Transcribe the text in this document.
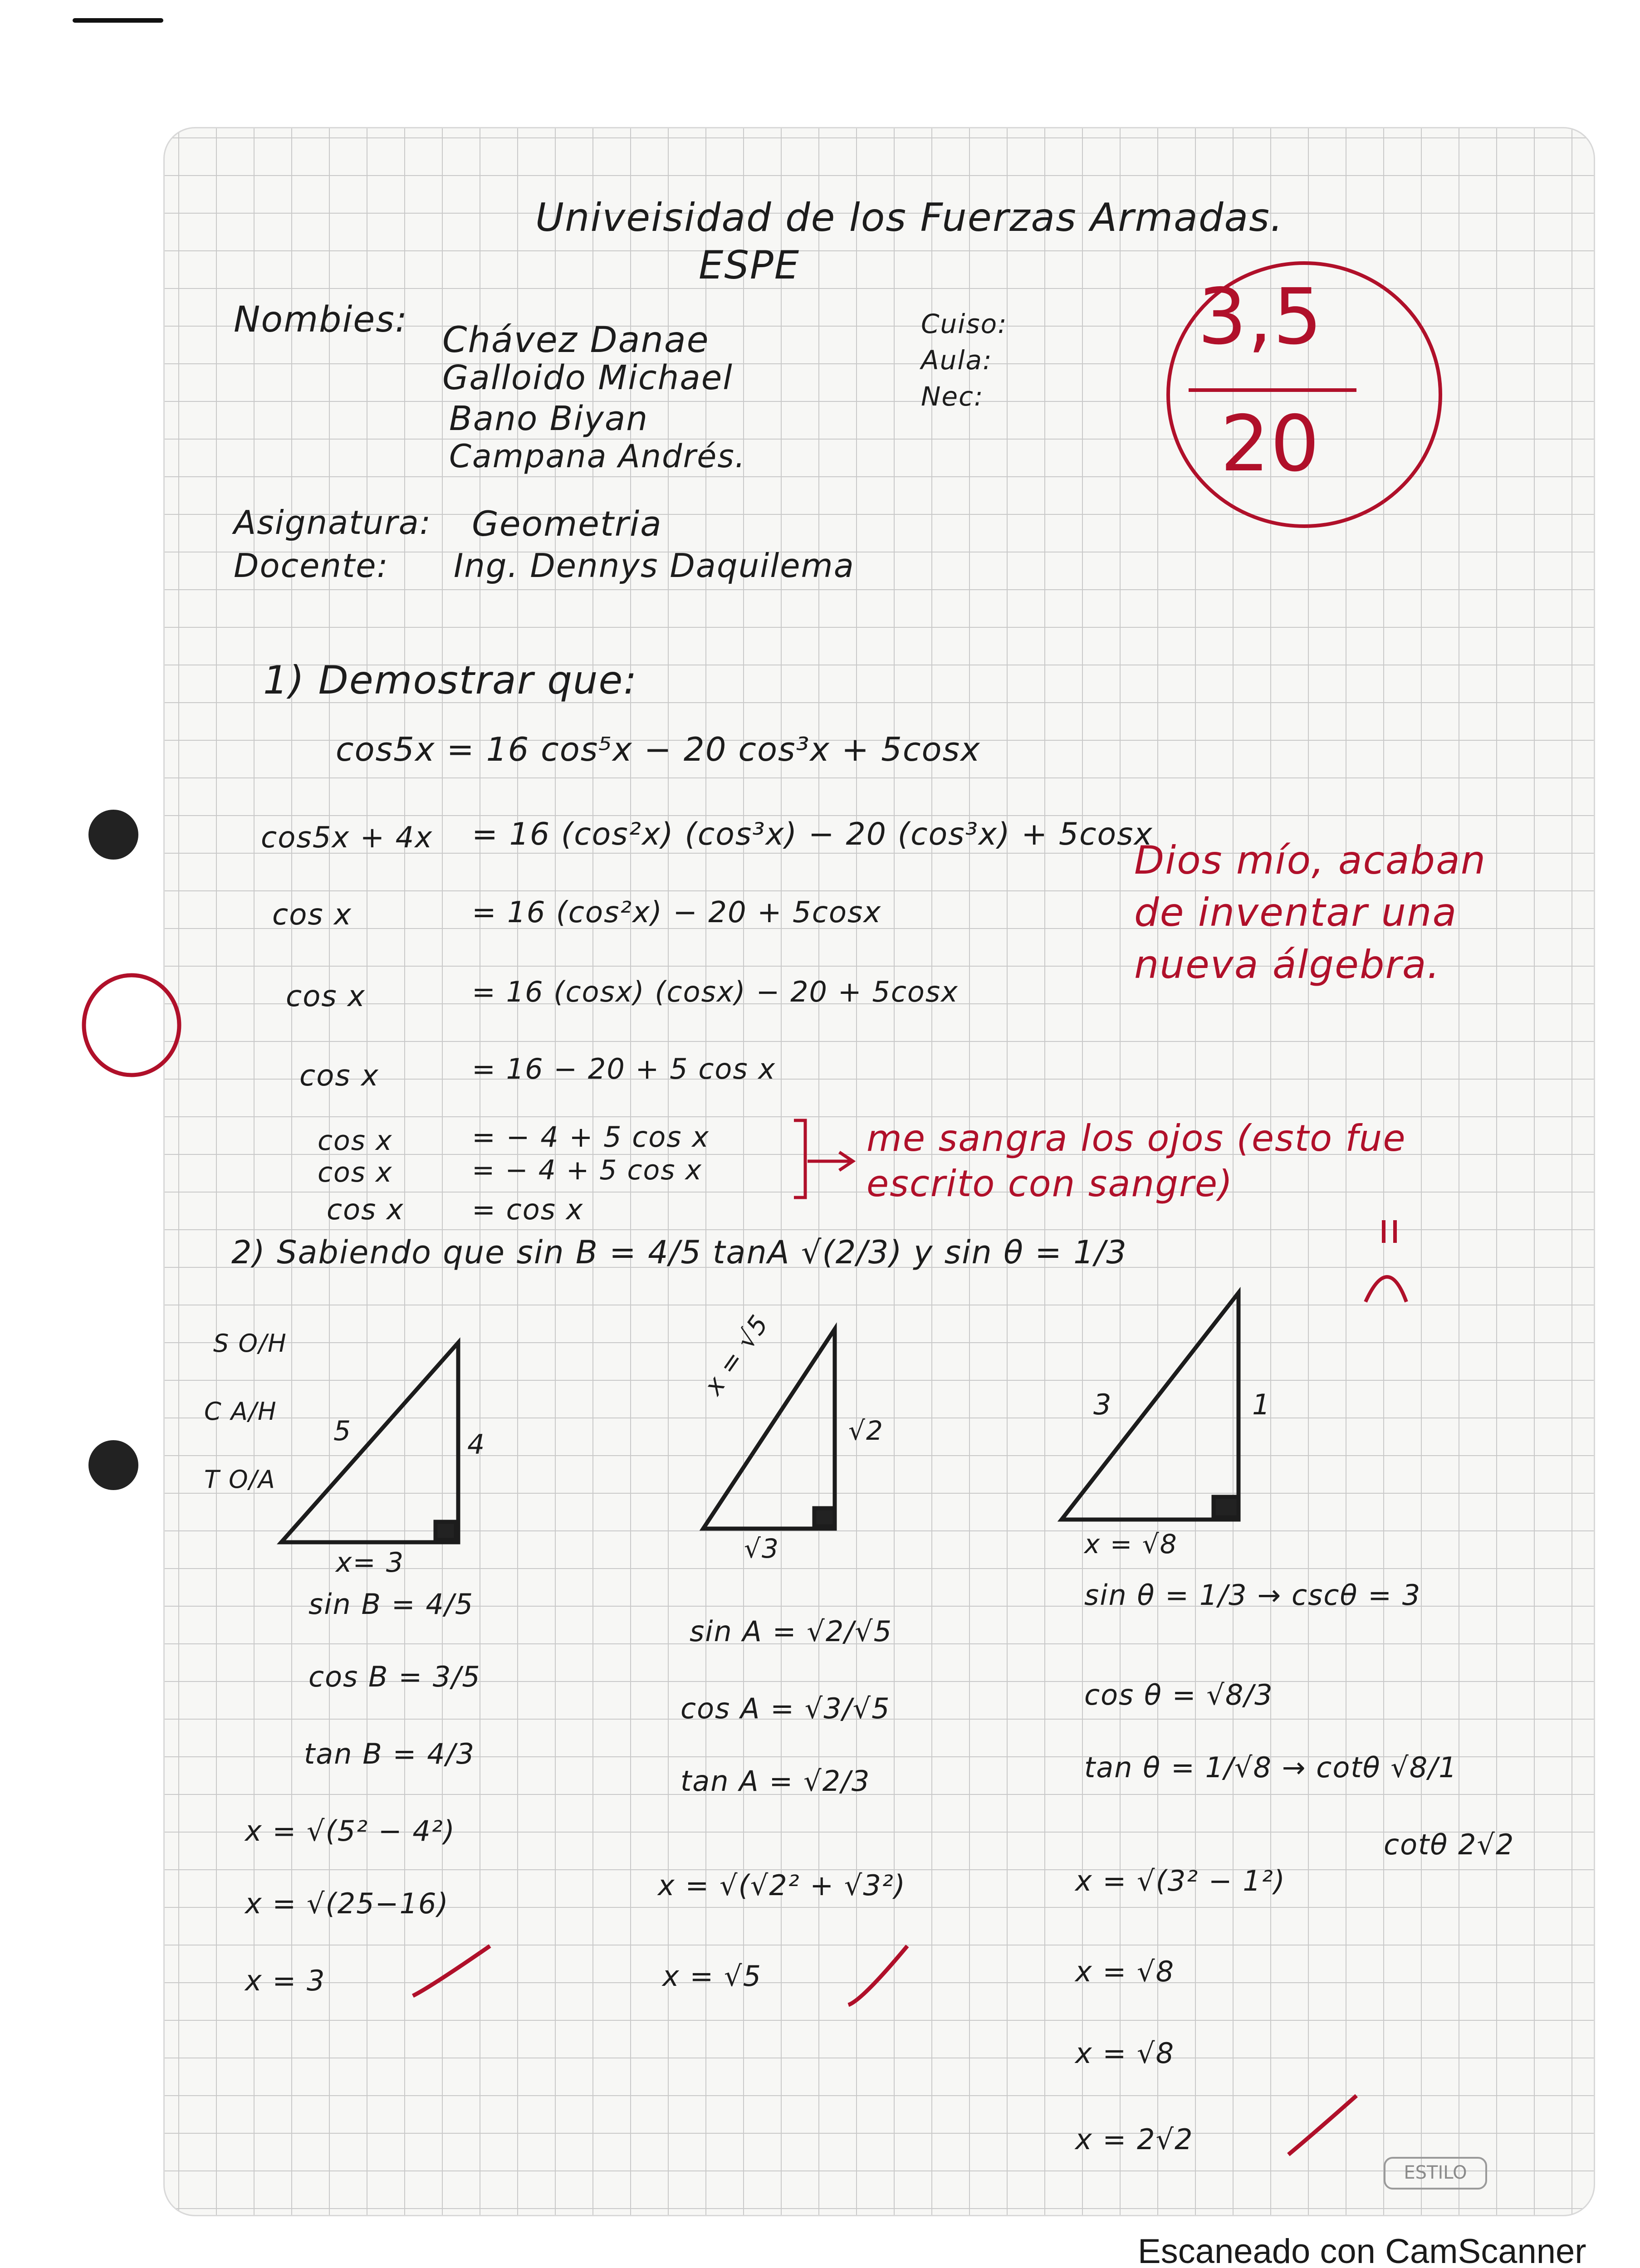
Univeisidad de los Fuerzas Armadas.
ESPE
Nombies: Chávez Danae
Galloido Michael
Bano Biyan
Campana Andrés.
Cuiso:
Aula:
Nec:
Asignatura: Geometria
Docente: Ing. Dennys Daquilema
3,5
20
1) Demostrar que:
cos5x = 16 cos⁵x − 20 cos³x + 5cosx
cos5x + 4x = 16 (cos²x) (cos³x) − 20 (cos³x) + 5cosx
cos x	= 16 (cos²x) − 20 + 5cosx
cos x	= 16 (cosx) (cosx) − 20 + 5cosx
cos x	= 16 − 20 + 5 cos x
cos x	= − 4 + 5 cos x
cos x	= − 4 + 5 cos x
cos x = cos x
Dios mío, acaban de inventar una nueva álgebra.
me sangra los ojos (esto fue escrito con sangre)
2) Sabiendo que sin B = 4/5 tanA √(2/3) y sin θ = 1/3
S O/H
C A/H
T O/A
5	4
x= 3
sin B = 4/5
cos B = 3/5
tan B = 4/3
x = √(5² − 4²)
x = √(25−16)
x = 3
x = √5
√2
√3
sin A = √2/√5
cos A = √3/√5
tan A = √2/3
x = √(√2² + √3²)
x = √5
3	1
x = √8
sin θ = 1/3 → cscθ = 3
cos θ = √8/3
tan θ = 1/√8 → cotθ √8/1
x = √(3² − 1²)
x = √8
x = √8
x = 2√2
cotθ 2√2
ESTILO
Escaneado con CamScanner
